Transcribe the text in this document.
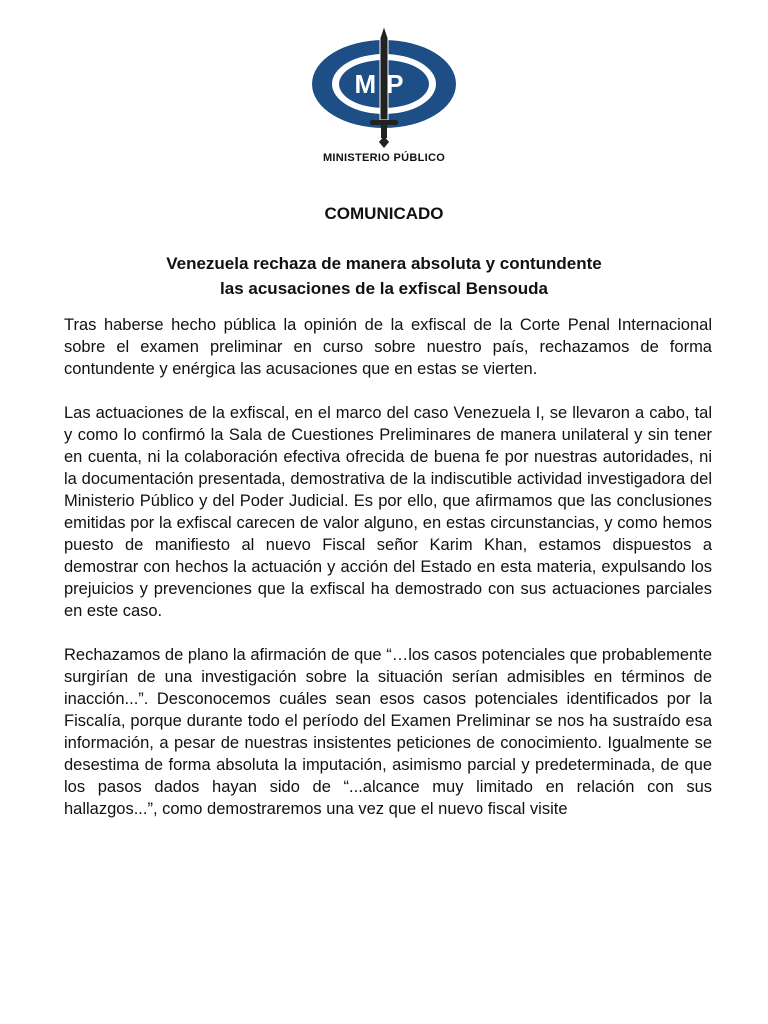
MP
MINISTERIO PÚBLICO
COMUNICADO
Venezuela rechaza de manera absoluta y contundente
las acusaciones de la exfiscal Bensouda

Tras haberse hecho pública la opinión de la exfiscal de la Corte Penal Internacional sobre el examen preliminar en curso sobre nuestro país, rechazamos de forma contundente y enérgica las acusaciones que en estas se vierten.

Las actuaciones de la exfiscal, en el marco del caso Venezuela I, se llevaron a cabo, tal y como lo confirmó la Sala de Cuestiones Preliminares de manera unilateral y sin tener en cuenta, ni la colaboración efectiva ofrecida de buena fe por nuestras autoridades, ni la documentación presentada, demostrativa de la indiscutible actividad investigadora del Ministerio Público y del Poder Judicial. Es por ello, que afirmamos que las conclusiones emitidas por la exfiscal carecen de valor alguno, en estas circunstancias, y como hemos puesto de manifiesto al nuevo Fiscal señor Karim Khan, estamos dispuestos a demostrar con hechos la actuación y acción del Estado en esta materia, expulsando los prejuicios y prevenciones que la exfiscal ha demostrado con sus actuaciones parciales en este caso.

Rechazamos de plano la afirmación de que “…los casos potenciales que probablemente surgirían de una investigación sobre la situación serían admisibles en términos de inacción...”. Desconocemos cuáles sean esos casos potenciales identificados por la Fiscalía, porque durante todo el período del Examen Preliminar se nos ha sustraído esa información, a pesar de nuestras insistentes peticiones de conocimiento. Igualmente se desestima de forma absoluta la imputación, asimismo parcial y predeterminada, de que los pasos dados hayan sido de “...alcance muy limitado en relación con sus hallazgos...”, como demostraremos una vez que el nuevo fiscal visite
